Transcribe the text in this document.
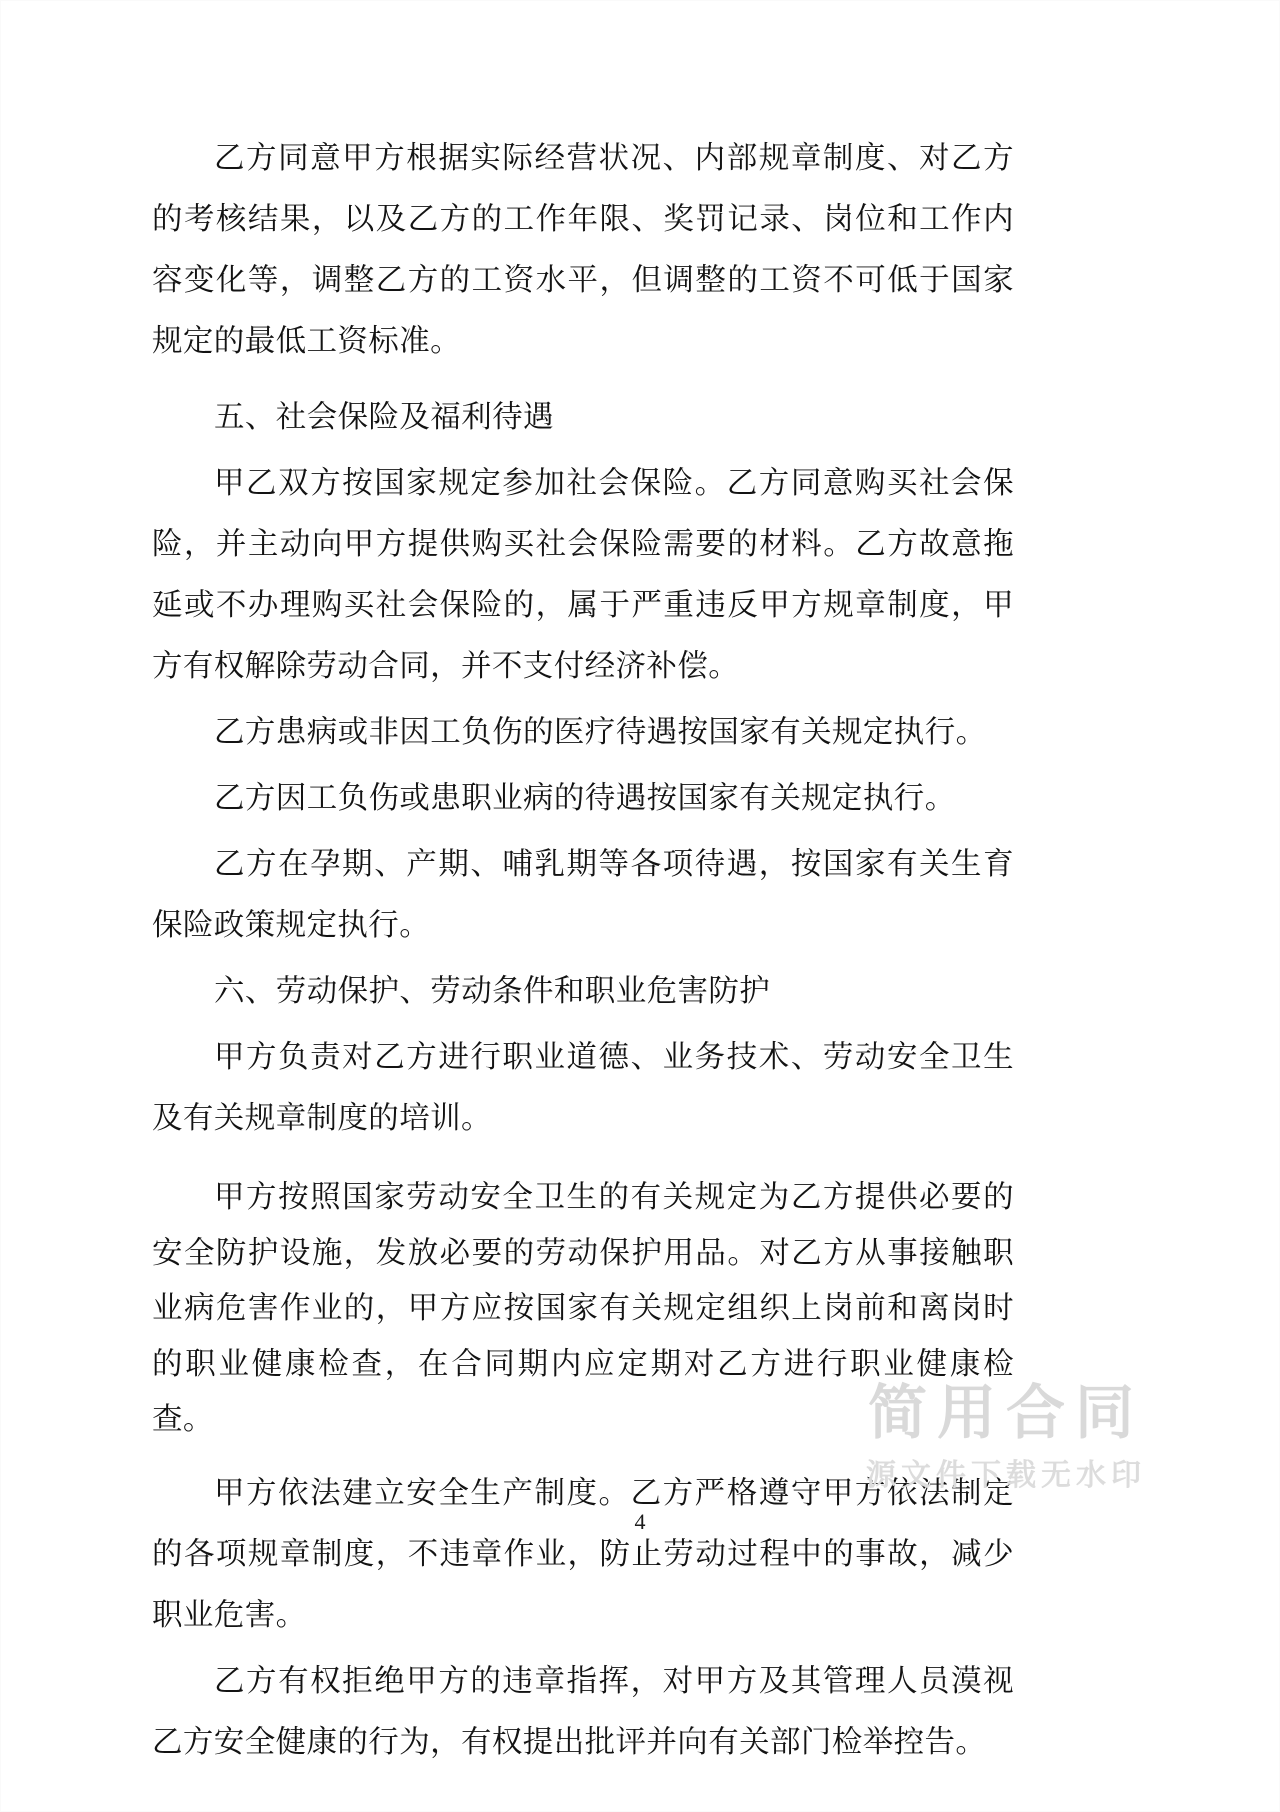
乙方同意甲方根据实际经营状况、内部规章制度、对乙方的考核结果，以及乙方的工作年限、奖罚记录、岗位和工作内容变化等，调整乙方的工资水平，但调整的工资不可低于国家规定的最低工资标准。

五、社会保险及福利待遇

甲乙双方按国家规定参加社会保险。乙方同意购买社会保险，并主动向甲方提供购买社会保险需要的材料。乙方故意拖延或不办理购买社会保险的，属于严重违反甲方规章制度，甲方有权解除劳动合同，并不支付经济补偿。

乙方患病或非因工负伤的医疗待遇按国家有关规定执行。

乙方因工负伤或患职业病的待遇按国家有关规定执行。

乙方在孕期、产期、哺乳期等各项待遇，按国家有关生育保险政策规定执行。

六、劳动保护、劳动条件和职业危害防护

甲方负责对乙方进行职业道德、业务技术、劳动安全卫生及有关规章制度的培训。

甲方按照国家劳动安全卫生的有关规定为乙方提供必要的安全防护设施，发放必要的劳动保护用品。对乙方从事接触职业病危害作业的，甲方应按国家有关规定组织上岗前和离岗时的职业健康检查，在合同期内应定期对乙方进行职业健康检查。

甲方依法建立安全生产制度。乙方严格遵守甲方依法制定的各项规章制度，不违章作业，防止劳动过程中的事故，减少职业危害。

乙方有权拒绝甲方的违章指挥，对甲方及其管理人员漠视乙方安全健康的行为，有权提出批评并向有关部门检举控告。

简用合同
源文件下载无水印
4
